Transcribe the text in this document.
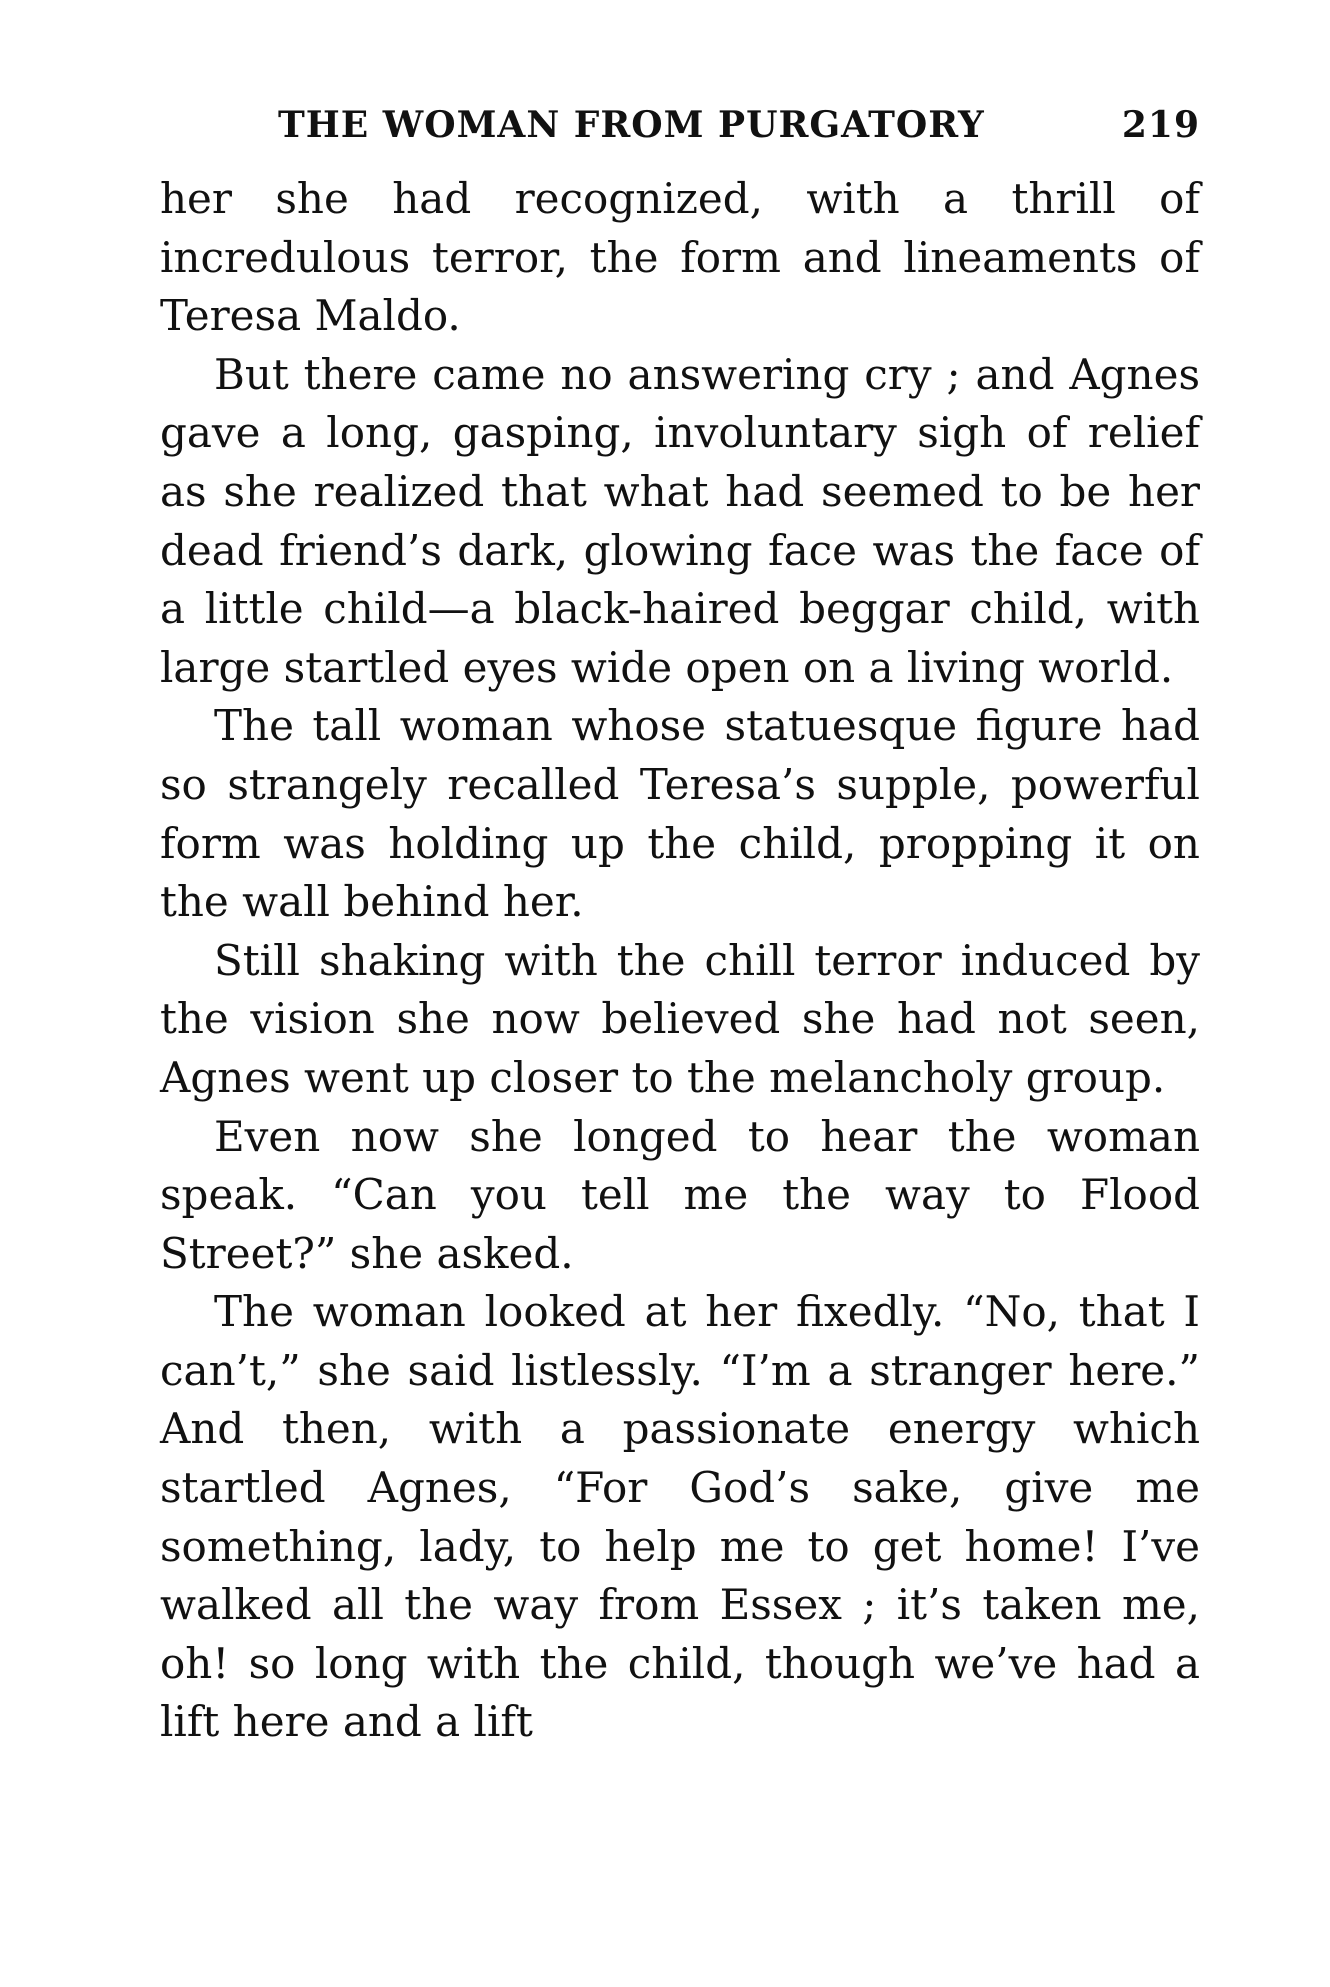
THE WOMAN FROM PURGATORY	219

her she had recognized, with a thrill of incredulous terror, the form and lineaments of Teresa Maldo.

But there came no answering cry ; and Agnes gave a long, gasping, involuntary sigh of relief as she realized that what had seemed to be her dead friend’s dark, glowing face was the face of a little child—a black-haired beggar child, with large startled eyes wide open on a living world.

The tall woman whose statuesque figure had so strangely recalled Teresa’s supple, powerful form was holding up the child, propping it on the wall behind her.

Still shaking with the chill terror induced by the vision she now believed she had not seen, Agnes went up closer to the melancholy group.

Even now she longed to hear the woman speak. “Can you tell me the way to Flood Street?” she asked.

The woman looked at her fixedly. “No, that I can’t,” she said listlessly. “I’m a stranger here.” And then, with a passionate energy which startled Agnes, “For God’s sake, give me something, lady, to help me to get home! I’ve walked all the way from Essex ; it’s taken me, oh! so long with the child, though we’ve had a lift here and a lift
